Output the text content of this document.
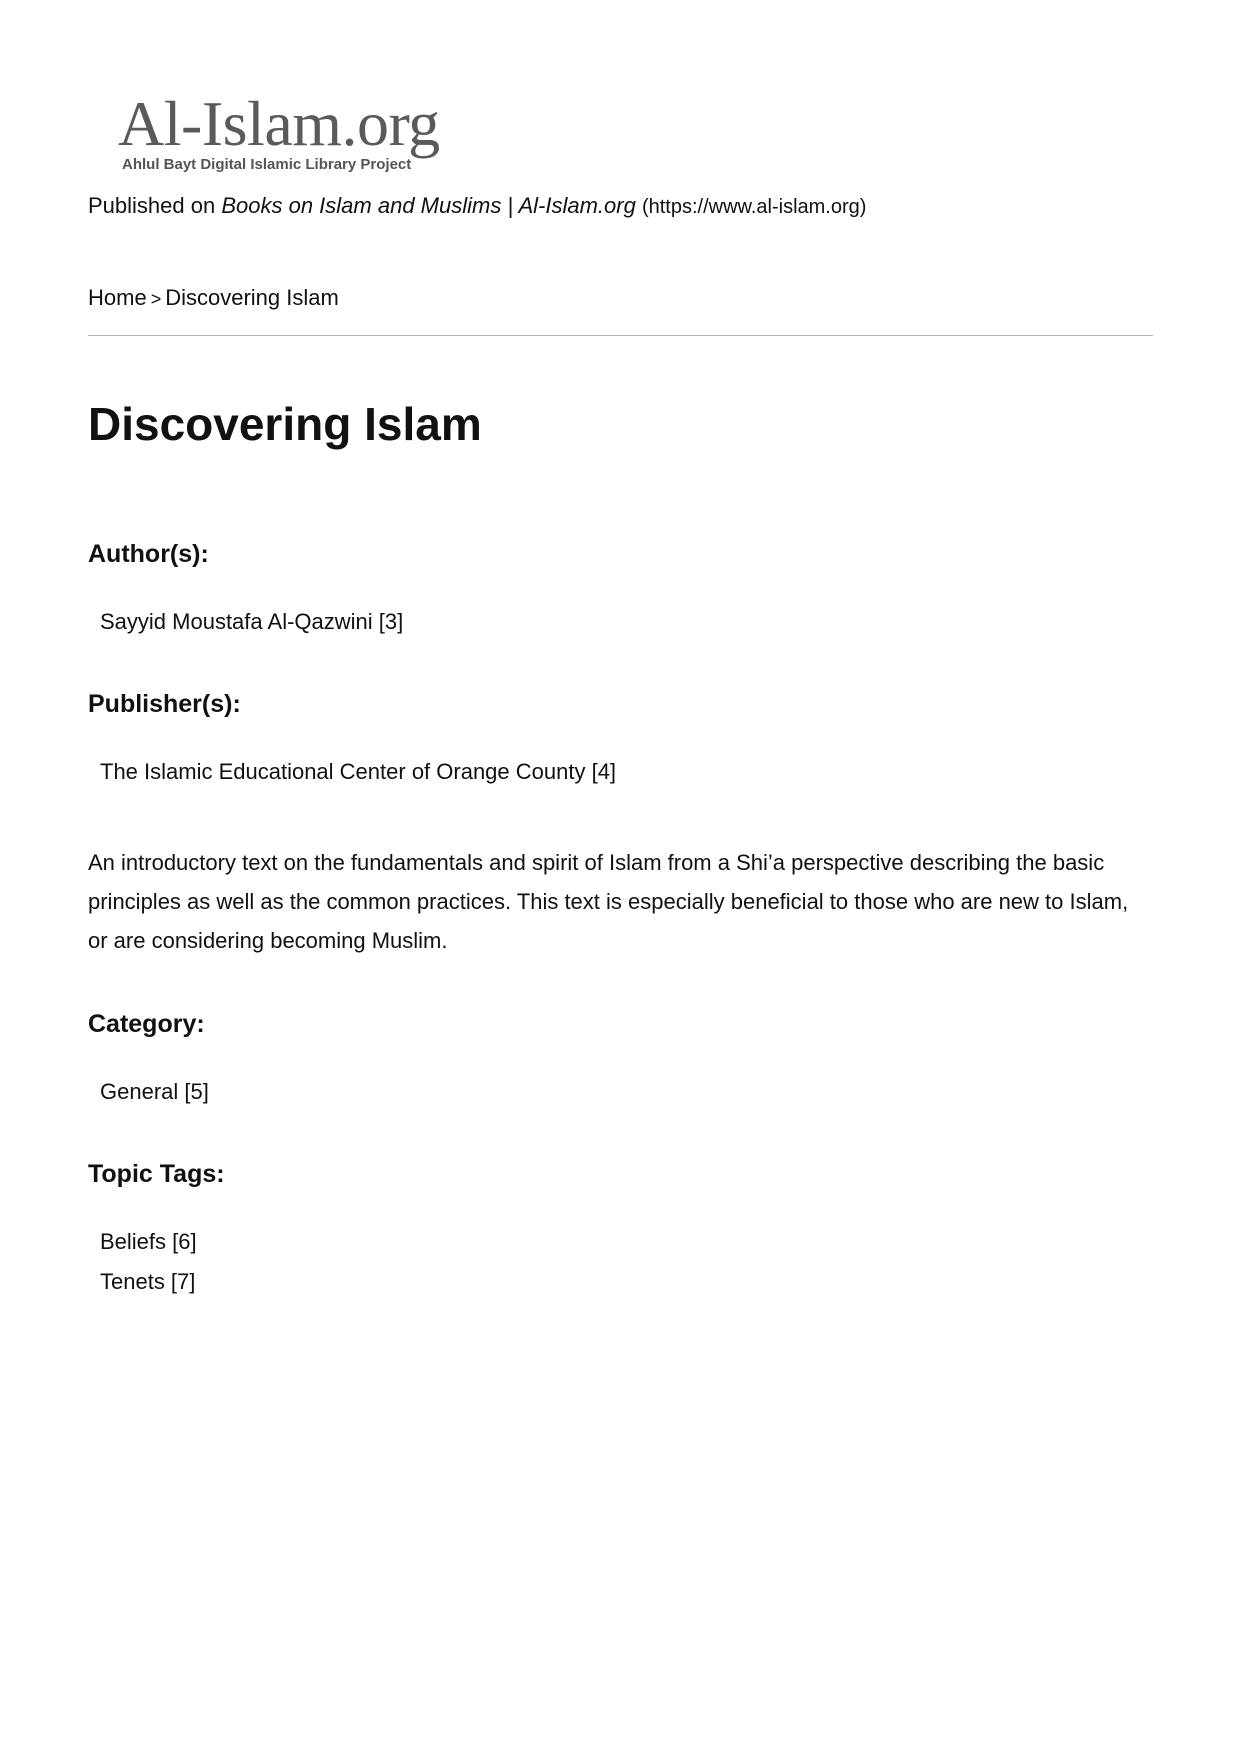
Al-Islam.org
Ahlul Bayt Digital Islamic Library Project
Published on Books on Islam and Muslims | Al-Islam.org (https://www.al-islam.org)
Home > Discovering Islam
Discovering Islam
Author(s):
Sayyid Moustafa Al-Qazwini [3]
Publisher(s):
The Islamic Educational Center of Orange County [4]

An introductory text on the fundamentals and spirit of Islam from a Shi’a perspective describing the basic principles as well as the common practices. This text is especially beneficial to those who are new to Islam, or are considering becoming Muslim.

Category:
General [5]
Topic Tags:
Beliefs [6]
Tenets [7]
